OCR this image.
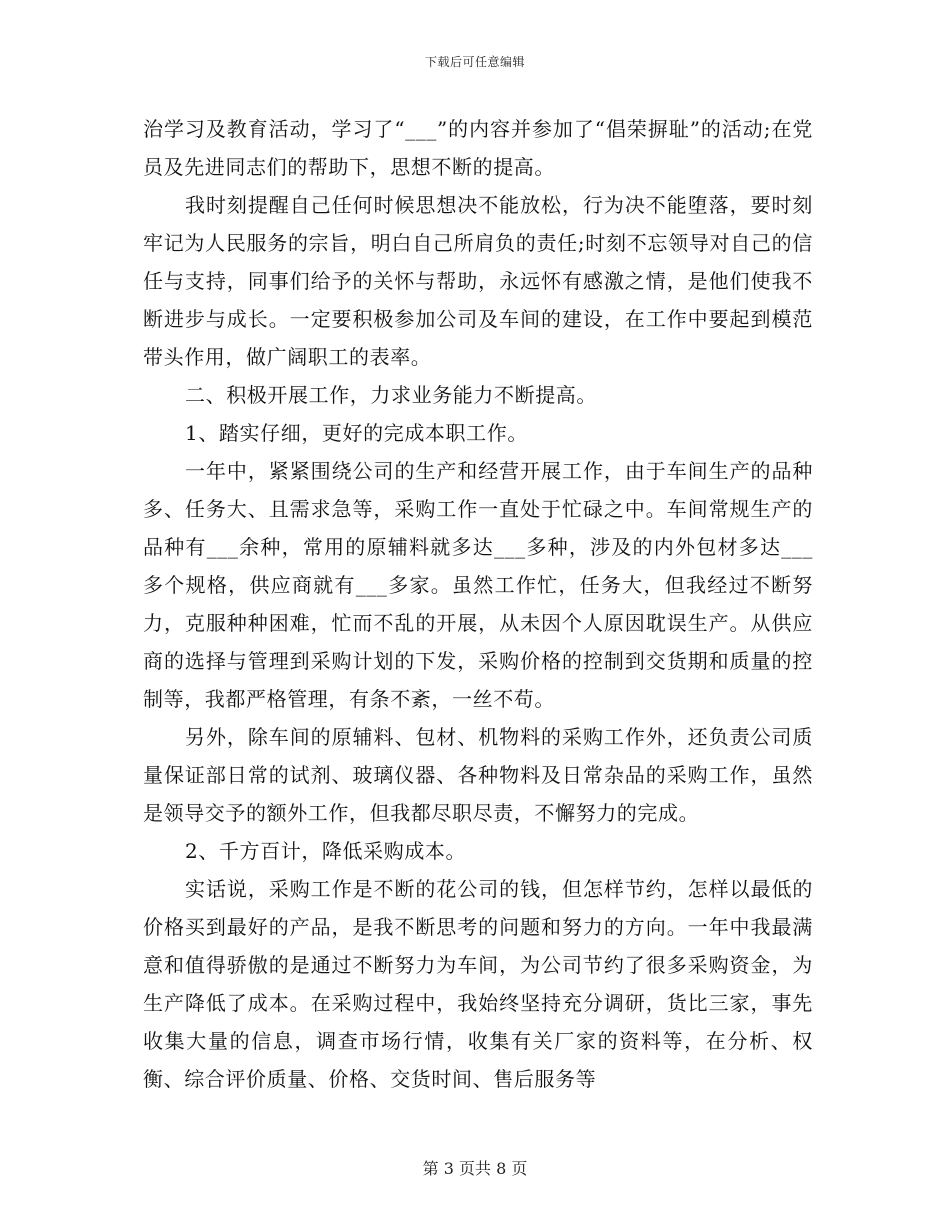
下载后可任意编辑

治学习及教育活动，学习了“___”的内容并参加了“倡荣摒耻”的活动;在党员及先进同志们的帮助下，思想不断的提高。

我时刻提醒自己任何时候思想决不能放松，行为决不能堕落，要时刻牢记为人民服务的宗旨，明白自己所肩负的责任;时刻不忘领导对自己的信任与支持，同事们给予的关怀与帮助，永远怀有感激之情，是他们使我不断进步与成长。一定要积极参加公司及车间的建设，在工作中要起到模范带头作用，做广阔职工的表率。

二、积极开展工作，力求业务能力不断提高。

1、踏实仔细，更好的完成本职工作。

一年中，紧紧围绕公司的生产和经营开展工作，由于车间生产的品种多、任务大、且需求急等，采购工作一直处于忙碌之中。车间常规生产的品种有___余种，常用的原辅料就多达___多种，涉及的内外包材多达___多个规格，供应商就有___多家。虽然工作忙，任务大，但我经过不断努力，克服种种困难，忙而不乱的开展，从未因个人原因耽误生产。从供应商的选择与管理到采购计划的下发，采购价格的控制到交货期和质量的控制等，我都严格管理，有条不紊，一丝不苟。

另外，除车间的原辅料、包材、机物料的采购工作外，还负责公司质量保证部日常的试剂、玻璃仪器、各种物料及日常杂品的采购工作，虽然是领导交予的额外工作，但我都尽职尽责，不懈努力的完成。

2、千方百计，降低采购成本。

实话说，采购工作是不断的花公司的钱，但怎样节约，怎样以最低的价格买到最好的产品，是我不断思考的问题和努力的方向。一年中我最满意和值得骄傲的是通过不断努力为车间，为公司节约了很多采购资金，为生产降低了成本。在采购过程中，我始终坚持充分调研，货比三家，事先收集大量的信息，调查市场行情，收集有关厂家的资料等，在分析、权衡、综合评价质量、价格、交货时间、售后服务等

第 3 页共 8 页
